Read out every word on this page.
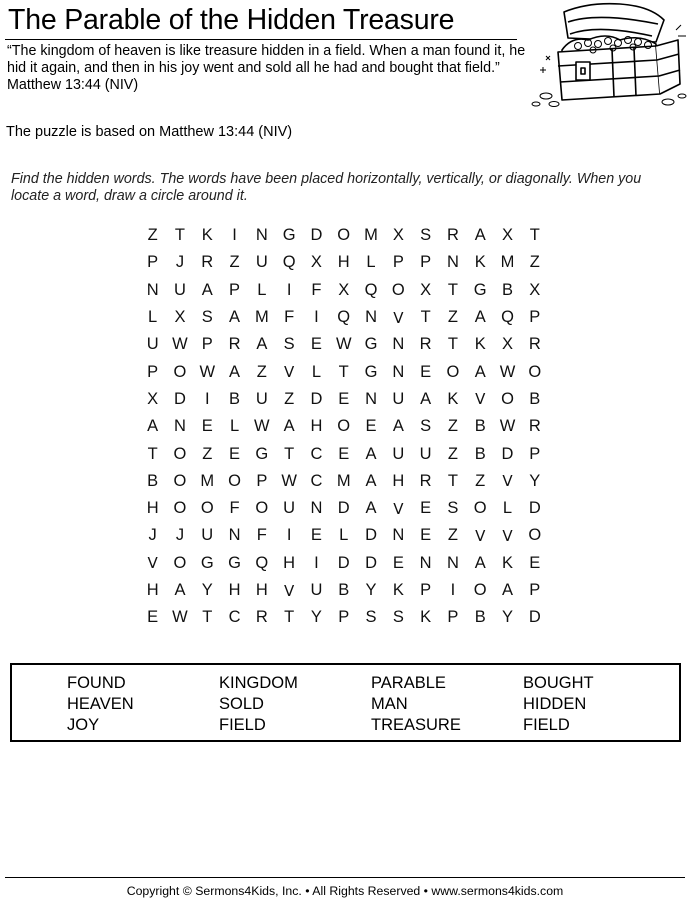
The Parable of the Hidden Treasure
“The kingdom of heaven is like treasure hidden in a field. When a man found it, he hid it again, and then in his joy went and sold all he had and bought that field.” Matthew 13:44 (NIV)
The puzzle is based on Matthew 13:44 (NIV)
Find the hidden words. The words have been placed horizontally, vertically, or diagonally. When you locate a word, draw a circle around it.
Z	T	K	I	N G D O M X S R A X	T
P	J	R Z U Q X H	L	P P N K M Z
N U A P	L	I	F	X Q O X	T G B X
L	X S A M F	I	Q N	V	T	Z	A Q P
U W P R A S E W G N R T	K X R
P O W A	Z	V	L	T G N E O A W O
X D	I	B U Z D E N U A K	V O B
A N E	L W A H O E A S	Z	B W R
T O Z	E G T C E A U U Z	B D P
B O M O P W C M A H R T	Z	V	Y
H O O F O U N D A	V	E S O L	D
J	J	U N F	I	E	L	D N E	Z	V	V O
V O G G Q H	I	D D E N N A K E
H A Y H H	V U B Y K P	I	O A P
E W T C R T	Y P S S K P B Y D
FOUND	KINGDOM	PARABLE	BOUGHT
HEAVEN	SOLD	MAN	HIDDEN
JOY	FIELD	TREASURE	FIELD
Copyright © Sermons4Kids, Inc. • All Rights Reserved • www.sermons4kids.com
